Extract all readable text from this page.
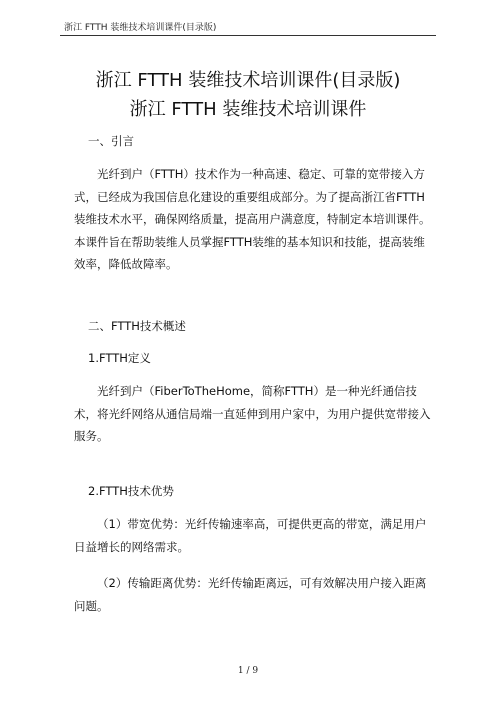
浙江 FTTH 装维技术培训课件(目录版)
浙江 FTTH 装维技术培训课件(目录版)
浙江 FTTH 装维技术培训课件
一、引言
光纤到户（FTTH）技术作为一种高速、稳定、可靠的宽带接入方式，已经成为我国信息化建设的重要组成部分。为了提高浙江省FTTH装维技术水平，确保网络质量，提高用户满意度，特制定本培训课件。本课件旨在帮助装维人员掌握FTTH装维的基本知识和技能，提高装维效率，降低故障率。
二、FTTH技术概述
1.FTTH定义
光纤到户（FiberToTheHome，简称FTTH）是一种光纤通信技术，将光纤网络从通信局端一直延伸到用户家中，为用户提供宽带接入服务。
2.FTTH技术优势
（1）带宽优势：光纤传输速率高，可提供更高的带宽，满足用户日益增长的网络需求。
（2）传输距离优势：光纤传输距离远，可有效解决用户接入距离问题。
1 / 9
